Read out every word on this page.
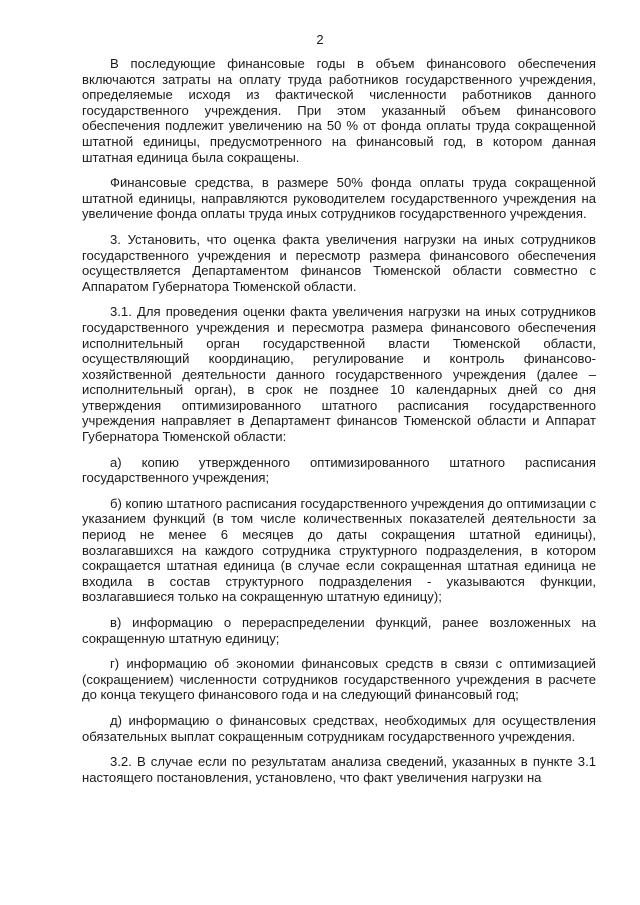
2

В последующие финансовые годы в объем финансового обеспечения включаются затраты на оплату труда работников государственного учреждения, определяемые исходя из фактической численности работников данного государственного учреждения. При этом указанный объем финансового обеспечения подлежит увеличению на 50 % от фонда оплаты труда сокращенной штатной единицы, предусмотренного на финансовый год, в котором данная штатная единица была сокращены.

Финансовые средства, в размере 50% фонда оплаты труда сокращенной штатной единицы, направляются руководителем государственного учреждения на увеличение фонда оплаты труда иных сотрудников государственного учреждения.

3. Установить, что оценка факта увеличения нагрузки на иных сотрудников государственного учреждения и пересмотр размера финансового обеспечения осуществляется Департаментом финансов Тюменской области совместно с Аппаратом Губернатора Тюменской области.

3.1. Для проведения оценки факта увеличения нагрузки на иных сотрудников государственного учреждения и пересмотра размера финансового обеспечения исполнительный орган государственной власти Тюменской области, осуществляющий координацию, регулирование и контроль финансово-хозяйственной деятельности данного государственного учреждения (далее – исполнительный орган), в срок не позднее 10 календарных дней со дня утверждения оптимизированного штатного расписания государственного учреждения направляет в Департамент финансов Тюменской области и Аппарат Губернатора Тюменской области:

а) копию утвержденного оптимизированного штатного расписания государственного учреждения;

б) копию штатного расписания государственного учреждения до оптимизации с указанием функций (в том числе количественных показателей деятельности за период не менее 6 месяцев до даты сокращения штатной единицы), возлагавшихся на каждого сотрудника структурного подразделения, в котором сокращается штатная единица (в случае если сокращенная штатная единица не входила в состав структурного подразделения - указываются функции, возлагавшиеся только на сокращенную штатную единицу);

в) информацию о перераспределении функций, ранее возложенных на сокращенную штатную единицу;

г) информацию об экономии финансовых средств в связи с оптимизацией (сокращением) численности сотрудников государственного учреждения в расчете до конца текущего финансового года и на следующий финансовый год;

д) информацию о финансовых средствах, необходимых для осуществления обязательных выплат сокращенным сотрудникам государственного учреждения.

3.2. В случае если по результатам анализа сведений, указанных в пункте 3.1 настоящего постановления, установлено, что факт увеличения нагрузки на
